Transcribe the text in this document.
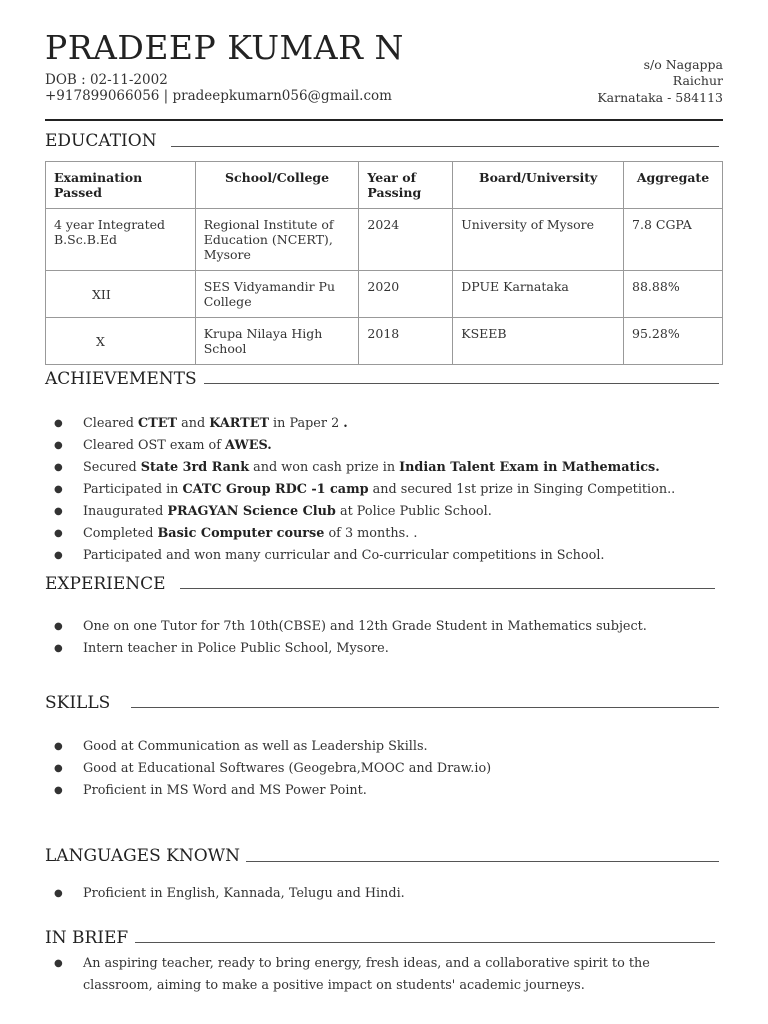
PRADEEP KUMAR N
DOB : 02-11-2002
+917899066056 | pradeepkumarn056@gmail.com
s/o Nagappa
Raichur
Karnataka - 584113
EDUCATION
Examination Passed	School/College	Year of Passing	Board/University	Aggregate
4 year Integrated B.Sc.B.Ed	Regional Institute of Education (NCERT), Mysore	2024	University of Mysore	7.8 CGPA
XII	SES Vidyamandir Pu College	2020	DPUE Karnataka	88.88%
X	Krupa Nilaya High School	2018	KSEEB	95.28%
ACHIEVEMENTS
● Cleared CTET and KARTET in Paper 2 .
● Cleared OST exam of AWES.
● Secured State 3rd Rank and won cash prize in Indian Talent Exam in Mathematics.
● Participated in CATC Group RDC -1 camp and secured 1st prize in Singing Competition..
● Inaugurated PRAGYAN Science Club at Police Public School.
● Completed Basic Computer course of 3 months. .
● Participated and won many curricular and Co-curricular competitions in School.
EXPERIENCE
● One on one Tutor for 7th 10th(CBSE) and 12th Grade Student in Mathematics subject.
● Intern teacher in Police Public School, Mysore.
SKILLS
● Good at Communication as well as Leadership Skills.
● Good at Educational Softwares (Geogebra,MOOC and Draw.io)
● Proficient in MS Word and MS Power Point.
LANGUAGES KNOWN
● Proficient in English, Kannada, Telugu and Hindi.
IN BRIEF
● An aspiring teacher, ready to bring energy, fresh ideas, and a collaborative spirit to the classroom, aiming to make a positive impact on students' academic journeys.
